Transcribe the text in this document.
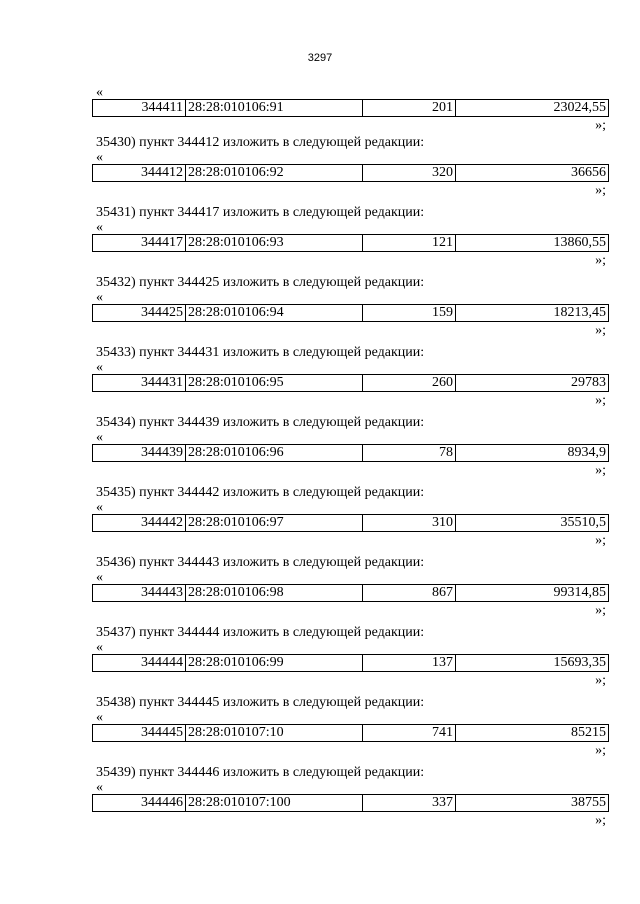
3297
«
344411	28:28:010106:91	201	23024,55
»;
35430) пункт 344412 изложить в следующей редакции:
«
344412	28:28:010106:92	320	36656
»;
35431) пункт 344417 изложить в следующей редакции:
«
344417	28:28:010106:93	121	13860,55
»;
35432) пункт 344425 изложить в следующей редакции:
«
344425	28:28:010106:94	159	18213,45
»;
35433) пункт 344431 изложить в следующей редакции:
«
344431	28:28:010106:95	260	29783
»;
35434) пункт 344439 изложить в следующей редакции:
«
344439	28:28:010106:96	78	8934,9
»;
35435) пункт 344442 изложить в следующей редакции:
«
344442	28:28:010106:97	310	35510,5
»;
35436) пункт 344443 изложить в следующей редакции:
«
344443	28:28:010106:98	867	99314,85
»;
35437) пункт 344444 изложить в следующей редакции:
«
344444	28:28:010106:99	137	15693,35
»;
35438) пункт 344445 изложить в следующей редакции:
«
344445	28:28:010107:10	741	85215
»;
35439) пункт 344446 изложить в следующей редакции:
«
344446	28:28:010107:100	337	38755
»;
